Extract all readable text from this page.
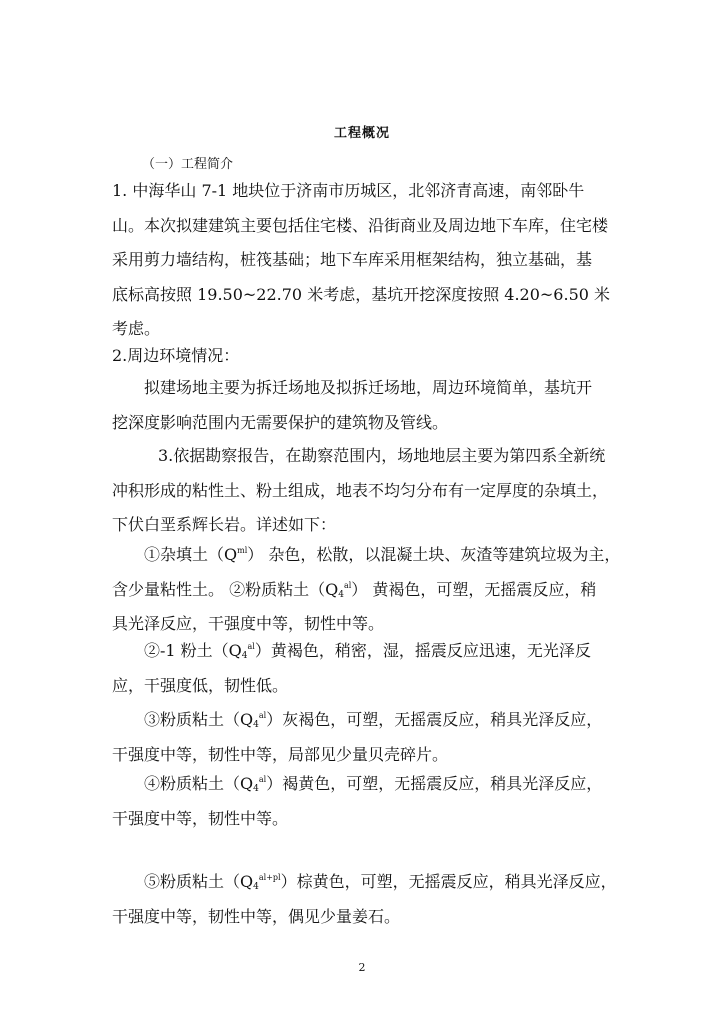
工程概况
（一）工程简介
1. 中海华山 7-1 地块位于济南市历城区，北邻济青高速，南邻卧牛
山。本次拟建建筑主要包括住宅楼、沿街商业及周边地下车库，住宅楼
采用剪力墙结构，桩筏基础；地下车库采用框架结构，独立基础，基
底标高按照 19.50~22.70 米考虑，基坑开挖深度按照 4.20~6.50 米
考虑。
2.周边环境情况：
拟建场地主要为拆迁场地及拟拆迁场地，周边环境简单，基坑开
挖深度影响范围内无需要保护的建筑物及管线。
3.依据勘察报告，在勘察范围内，场地地层主要为第四系全新统
冲积形成的粘性土、粉土组成，地表不均匀分布有一定厚度的杂填土，
下伏白垩系辉长岩。详述如下：
①杂填土$(Q^{ml})$ 杂色，松散，以混凝土块、灰渣等建筑垃圾为主，
含少量粘性土。 ②粉质粘土$(Q_4^{al})$ 黄褐色，可塑，无摇震反应，稍
具光泽反应，干强度中等，韧性中等。
②-1 粉土$(Q_4^{al})$黄褐色，稍密，湿，摇震反应迅速，无光泽反
应，干强度低，韧性低。
③粉质粘土$(Q_4^{al})$灰褐色，可塑，无摇震反应，稍具光泽反应，
干强度中等，韧性中等，局部见少量贝壳碎片。
④粉质粘土$(Q_4^{al})$褐黄色，可塑，无摇震反应，稍具光泽反应，
干强度中等，韧性中等。
⑤粉质粘土$(Q_4^{al+pl})$棕黄色，可塑，无摇震反应，稍具光泽反应，
干强度中等，韧性中等，偶见少量姜石。
2
